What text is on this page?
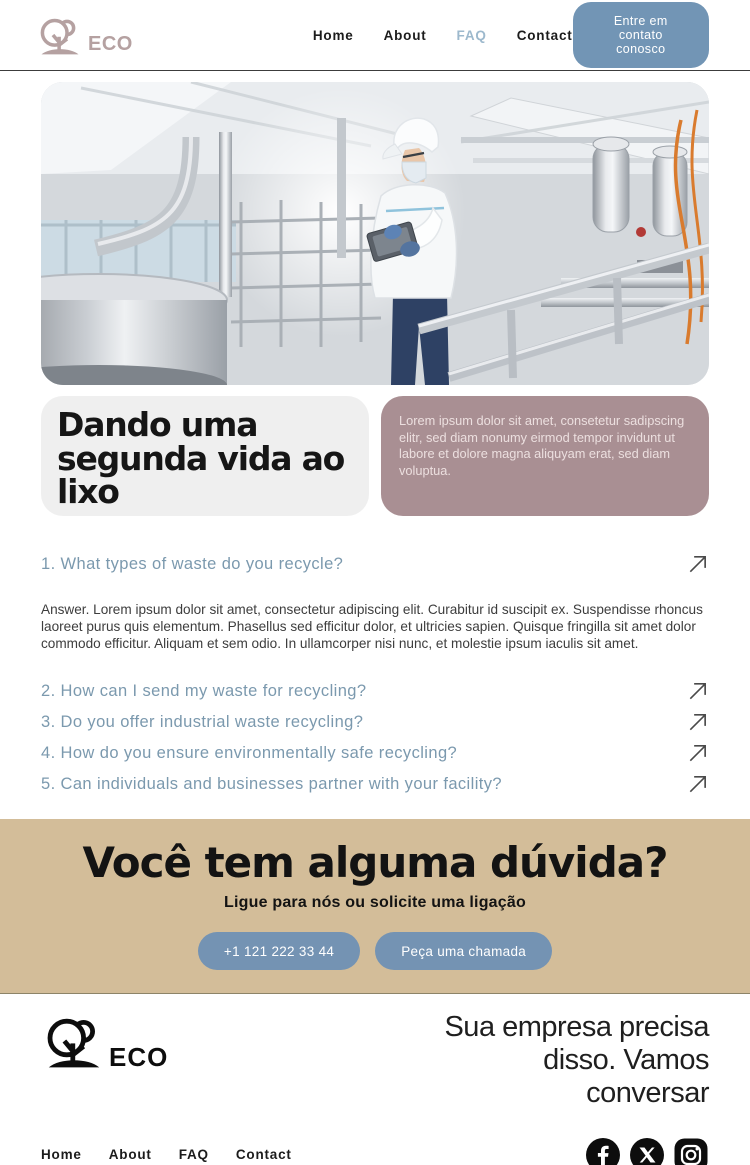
ECO	Home About FAQ Contact
Entre em contato conosco
Dando uma segunda vida ao lixo
Lorem ipsum dolor sit amet, consetetur sadipscing elitr, sed diam nonumy eirmod tempor invidunt ut labore et dolore magna aliquyam erat, sed diam voluptua.
1. What types of waste do you recycle?

Answer. Lorem ipsum dolor sit amet, consectetur adipiscing elit. Curabitur id suscipit ex. Suspendisse rhoncus laoreet purus quis elementum. Phasellus sed efficitur dolor, et ultricies sapien. Quisque fringilla sit amet dolor commodo efficitur. Aliquam et sem odio. In ullamcorper nisi nunc, et molestie ipsum iaculis sit amet.

2. How can I send my waste for recycling?
3. Do you offer industrial waste recycling?
4. How do you ensure environmentally safe recycling?
5. Can individuals and businesses partner with your facility?
Você tem alguma dúvida?
Ligue para nós ou solicite uma ligação
+1 121 222 33 44	Peça uma chamada
ECO
Sua empresa precisa disso. Vamos conversar
Home About FAQ Contact
